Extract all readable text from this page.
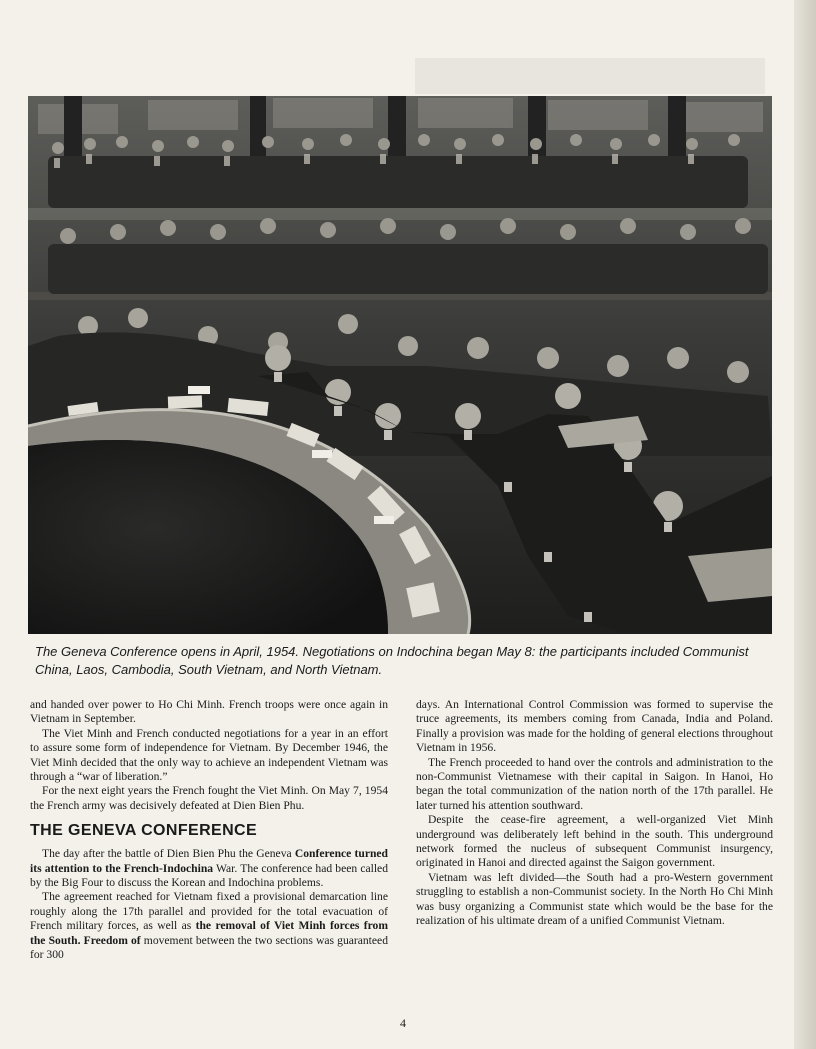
The Geneva Conference opens in April, 1954. Negotiations on Indochina began May 8: the participants included Communist China, Laos, Cambodia, South Vietnam, and North Vietnam.

and handed over power to Ho Chi Minh. French troops were once again in Vietnam in September.

The Viet Minh and French conducted negotiations for a year in an effort to assure some form of independence for Vietnam. By December 1946, the Viet Minh decided that the only way to achieve an independent Vietnam was through a “war of liberation.”

For the next eight years the French fought the Viet Minh. On May 7, 1954 the French army was decisively defeated at Dien Bien Phu.

THE GENEVA CONFERENCE

The day after the battle of Dien Bien Phu the Geneva Conference turned its attention to the French-Indochina War. The conference had been called by the Big Four to discuss the Korean and Indochina problems.

The agreement reached for Vietnam fixed a provisional demarcation line roughly along the 17th parallel and provided for the total evacuation of French military forces, as well as the removal of Viet Minh forces from the South. Freedom of movement between the two sections was guaranteed for 300

days. An International Control Commission was formed to supervise the truce agreements, its members coming from Canada, India and Poland. Finally a provision was made for the holding of general elections throughout Vietnam in 1956.

The French proceeded to hand over the controls and administration to the non-Communist Vietnamese with their capital in Saigon. In Hanoi, Ho began the total communization of the nation north of the 17th parallel. He later turned his attention southward.

Despite the cease-fire agreement, a well-organized Viet Minh underground was deliberately left behind in the south. This underground network formed the nucleus of subsequent Communist insurgency, originated in Hanoi and directed against the Saigon government.

Vietnam was left divided—the South had a pro-Western government struggling to establish a non-Communist society. In the North Ho Chi Minh was busy organizing a Communist state which would be the base for the realization of his ultimate dream of a unified Communist Vietnam.

4
